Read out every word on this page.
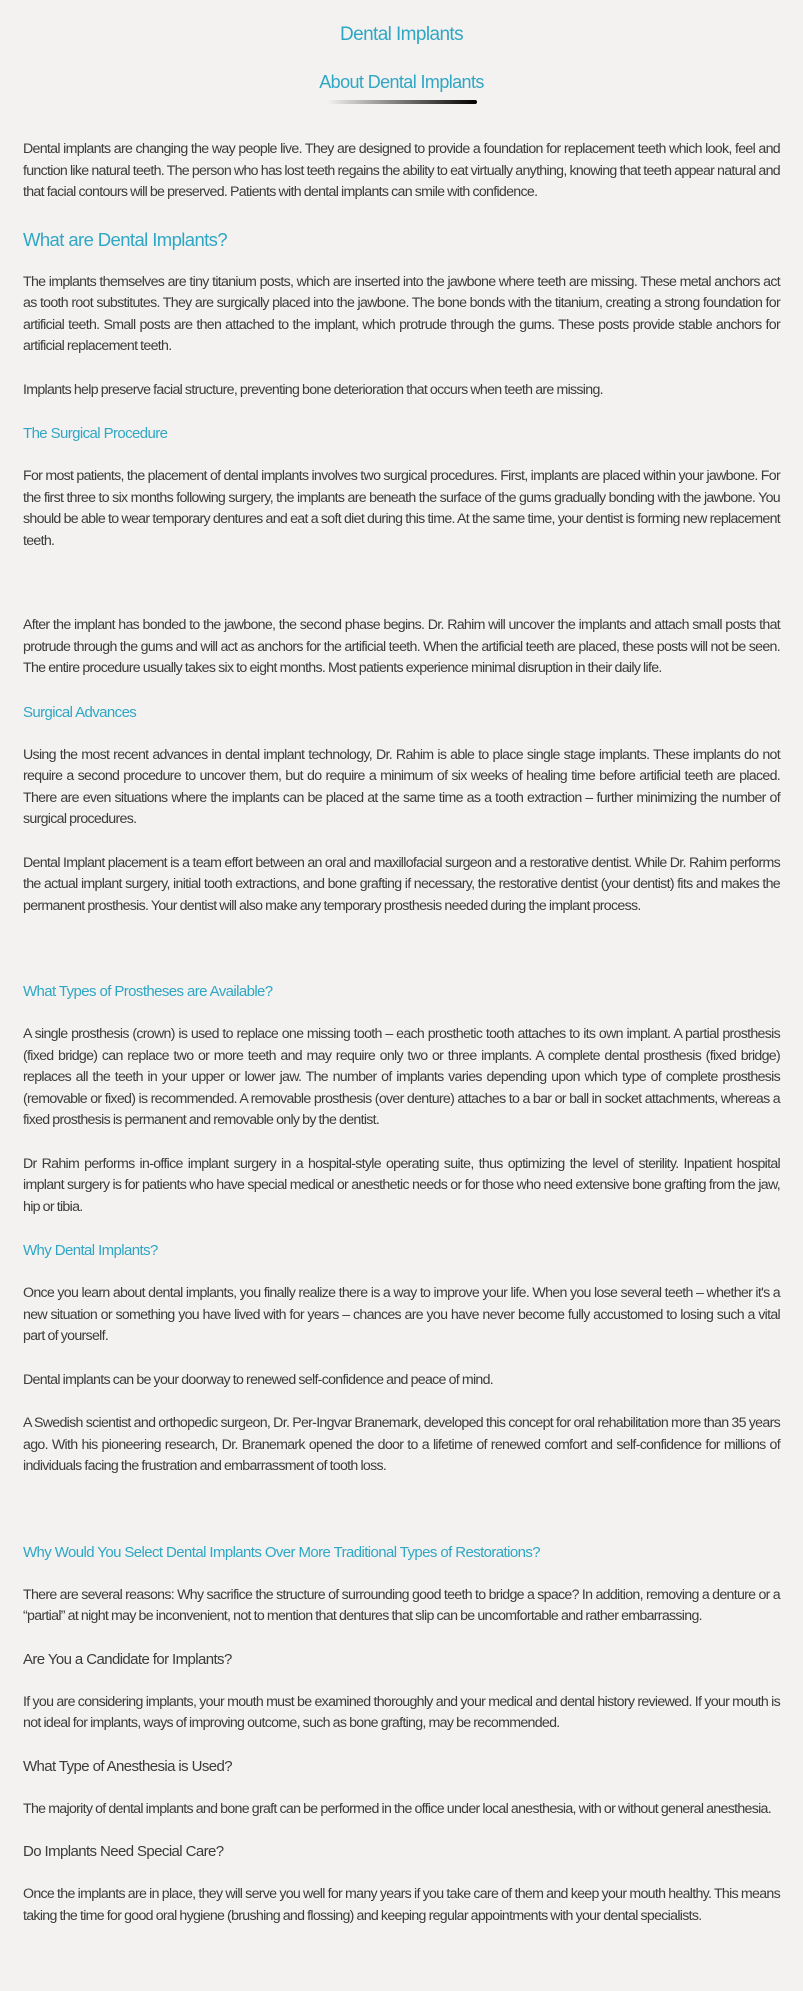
Dental Implants
About Dental Implants

Dental implants are changing the way people live. They are designed to provide a foundation for replacement teeth which look, feel and function like natural teeth. The person who has lost teeth regains the ability to eat virtually anything, knowing that teeth appear natural and that facial contours will be preserved. Patients with dental implants can smile with confidence.

What are Dental Implants?

The implants themselves are tiny titanium posts, which are inserted into the jawbone where teeth are missing. These metal anchors act as tooth root substitutes. They are surgically placed into the jawbone. The bone bonds with the titanium, creating a strong foundation for artificial teeth. Small posts are then attached to the implant, which protrude through the gums. These posts provide stable anchors for artificial replacement teeth.

Implants help preserve facial structure, preventing bone deterioration that occurs when teeth are missing.

The Surgical Procedure

For most patients, the placement of dental implants involves two surgical procedures. First, implants are placed within your jawbone. For the first three to six months following surgery, the implants are beneath the surface of the gums gradually bonding with the jawbone. You should be able to wear temporary dentures and eat a soft diet during this time. At the same time, your dentist is forming new replacement teeth.

After the implant has bonded to the jawbone, the second phase begins. Dr. Rahim will uncover the implants and attach small posts that protrude through the gums and will act as anchors for the artificial teeth. When the artificial teeth are placed, these posts will not be seen. The entire procedure usually takes six to eight months. Most patients experience minimal disruption in their daily life.

Surgical Advances

Using the most recent advances in dental implant technology, Dr. Rahim is able to place single stage implants. These implants do not require a second procedure to uncover them, but do require a minimum of six weeks of healing time before artificial teeth are placed. There are even situations where the implants can be placed at the same time as a tooth extraction – further minimizing the number of surgical procedures.

Dental Implant placement is a team effort between an oral and maxillofacial surgeon and a restorative dentist. While Dr. Rahim performs the actual implant surgery, initial tooth extractions, and bone grafting if necessary, the restorative dentist (your dentist) fits and makes the permanent prosthesis. Your dentist will also make any temporary prosthesis needed during the implant process.

What Types of Prostheses are Available?

A single prosthesis (crown) is used to replace one missing tooth – each prosthetic tooth attaches to its own implant. A partial prosthesis (fixed bridge) can replace two or more teeth and may require only two or three implants. A complete dental prosthesis (fixed bridge) replaces all the teeth in your upper or lower jaw. The number of implants varies depending upon which type of complete prosthesis (removable or fixed) is recommended. A removable prosthesis (over denture) attaches to a bar or ball in socket attachments, whereas a fixed prosthesis is permanent and removable only by the dentist.

Dr Rahim performs in-office implant surgery in a hospital-style operating suite, thus optimizing the level of sterility. Inpatient hospital implant surgery is for patients who have special medical or anesthetic needs or for those who need extensive bone grafting from the jaw, hip or tibia.

Why Dental Implants?

Once you learn about dental implants, you finally realize there is a way to improve your life. When you lose several teeth – whether it's a new situation or something you have lived with for years – chances are you have never become fully accustomed to losing such a vital part of yourself.

Dental implants can be your doorway to renewed self-confidence and peace of mind.

A Swedish scientist and orthopedic surgeon, Dr. Per-Ingvar Branemark, developed this concept for oral rehabilitation more than 35 years ago. With his pioneering research, Dr. Branemark opened the door to a lifetime of renewed comfort and self-confidence for millions of individuals facing the frustration and embarrassment of tooth loss.

Why Would You Select Dental Implants Over More Traditional Types of Restorations?

There are several reasons: Why sacrifice the structure of surrounding good teeth to bridge a space? In addition, removing a denture or a “partial” at night may be inconvenient, not to mention that dentures that slip can be uncomfortable and rather embarrassing.

Are You a Candidate for Implants?

If you are considering implants, your mouth must be examined thoroughly and your medical and dental history reviewed. If your mouth is not ideal for implants, ways of improving outcome, such as bone grafting, may be recommended.

What Type of Anesthesia is Used?

The majority of dental implants and bone graft can be performed in the office under local anesthesia, with or without general anesthesia.

Do Implants Need Special Care?

Once the implants are in place, they will serve you well for many years if you take care of them and keep your mouth healthy. This means taking the time for good oral hygiene (brushing and flossing) and keeping regular appointments with your dental specialists.
